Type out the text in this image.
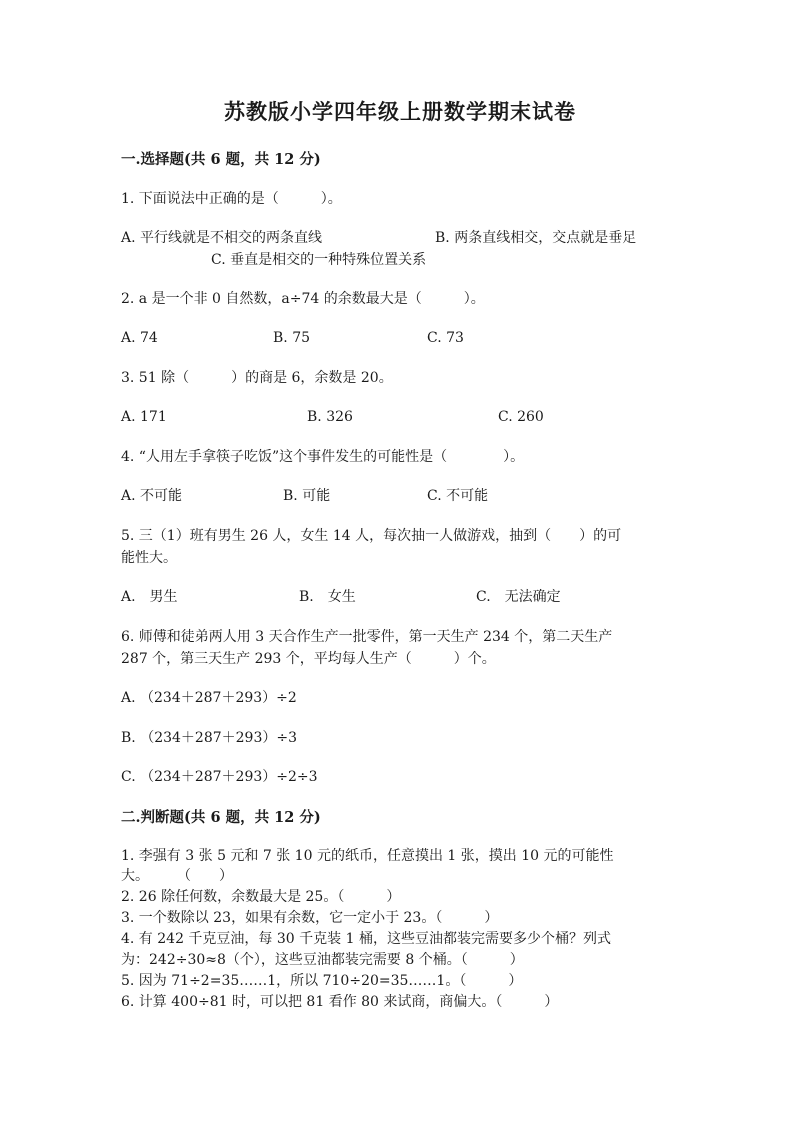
苏教版小学四年级上册数学期末试卷
一.选择题(共 6 题，共 12 分)
1. 下面说法中正确的是（　　　）。
A. 平行线就是不相交的两条直线	B. 两条直线相交，交点就是垂足
C. 垂直是相交的一种特殊位置关系
2. a 是一个非 0 自然数，a÷74 的余数最大是（　　　）。
A. 74	B. 75	C. 73
3. 51 除（　　　）的商是 6，余数是 20。
A. 171	B. 326	C. 260
4. “人用左手拿筷子吃饭”这个事件发生的可能性是（　　　　）。
A. 不可能	B. 可能	C. 不可能
5. 三（1）班有男生 26 人，女生 14 人，每次抽一人做游戏，抽到（　　）的可
能性大。
A.　男生	B.　女生	C.　无法确定
6. 师傅和徒弟两人用 3 天合作生产一批零件，第一天生产 234 个，第二天生产
287 个，第三天生产 293 个，平均每人生产（　　　）个。
A. （234＋287＋293）÷2
B. （234＋287＋293）÷3
C. （234＋287＋293）÷2÷3
二.判断题(共 6 题，共 12 分)
1. 李强有 3 张 5 元和 7 张 10 元的纸币，任意摸出 1 张，摸出 10 元的可能性
大。　　　（　　）
2. 26 除任何数，余数最大是 25。（　　　）
3. 一个数除以 23，如果有余数，它一定小于 23。（　　　）
4. 有 242 千克豆油，每 30 千克装 1 桶，这些豆油都装完需要多少个桶？列式
为：242÷30≈8（个），这些豆油都装完需要 8 个桶。（　　　）
5. 因为 71÷2=35……1，所以 710÷20=35……1。（　　　）
6. 计算 400÷81 时，可以把 81 看作 80 来试商，商偏大。（　　　）
